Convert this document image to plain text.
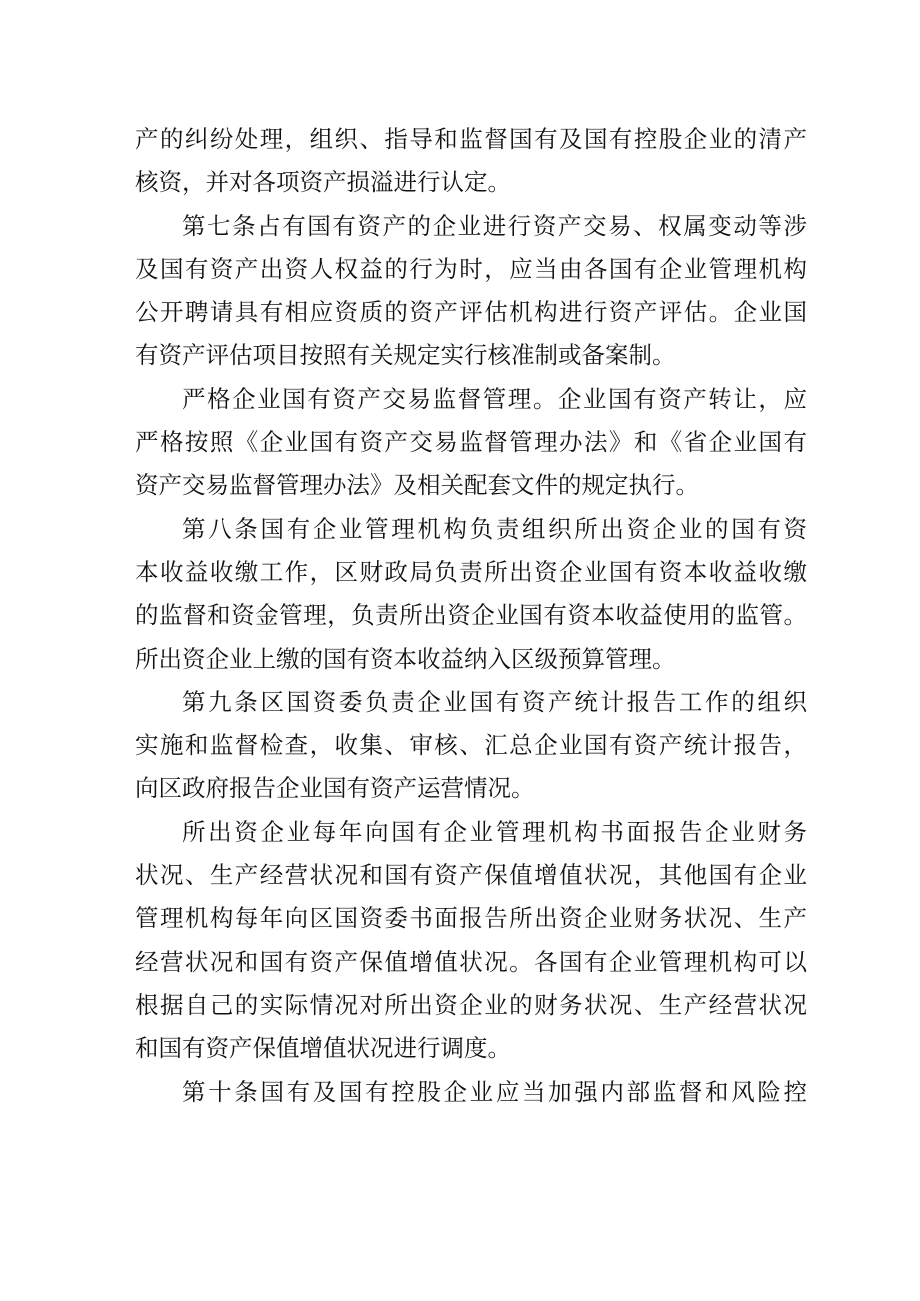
产的纠纷处理，组织、指导和监督国有及国有控股企业的清产
核资，并对各项资产损溢进行认定。
第七条占有国有资产的企业进行资产交易、权属变动等涉
及国有资产出资人权益的行为时，应当由各国有企业管理机构
公开聘请具有相应资质的资产评估机构进行资产评估。企业国
有资产评估项目按照有关规定实行核准制或备案制。
严格企业国有资产交易监督管理。企业国有资产转让，应
严格按照《企业国有资产交易监督管理办法》和《省企业国有
资产交易监督管理办法》及相关配套文件的规定执行。
第八条国有企业管理机构负责组织所出资企业的国有资
本收益收缴工作，区财政局负责所出资企业国有资本收益收缴
的监督和资金管理，负责所出资企业国有资本收益使用的监管。
所出资企业上缴的国有资本收益纳入区级预算管理。
第九条区国资委负责企业国有资产统计报告工作的组织
实施和监督检查，收集、审核、汇总企业国有资产统计报告，
向区政府报告企业国有资产运营情况。
所出资企业每年向国有企业管理机构书面报告企业财务
状况、生产经营状况和国有资产保值增值状况，其他国有企业
管理机构每年向区国资委书面报告所出资企业财务状况、生产
经营状况和国有资产保值增值状况。各国有企业管理机构可以
根据自己的实际情况对所出资企业的财务状况、生产经营状况
和国有资产保值增值状况进行调度。
第十条国有及国有控股企业应当加强内部监督和风险控
